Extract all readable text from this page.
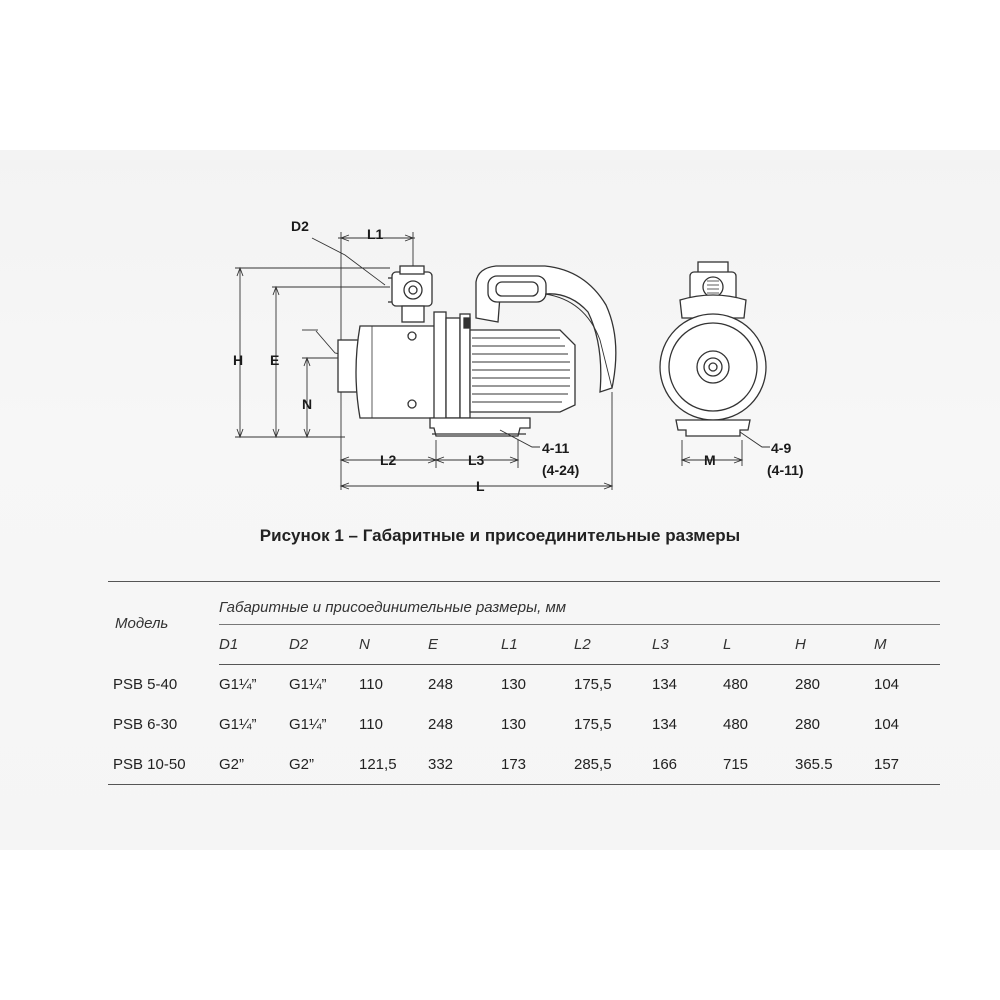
D2	L1
H E
N
L2	L3
L
4-11
(4-24)
M
4-9
(4-11)
Рисунок 1 – Габаритные и присоединительные размеры
Модель	Габаритные и присоединительные размеры, мм									
	D1	D2	N	E	L1	L2	L3	L	H	M
PSB 5-40	G1¼”	G1¼”	110	248	130	175,5	134	480	280	104
PSB 6-30	G1¼”	G1¼”	110	248	130	175,5	134	480	280	104
PSB 10-50	G2”	G2”	121,5	332	173	285,5	166	715	365.5	157
